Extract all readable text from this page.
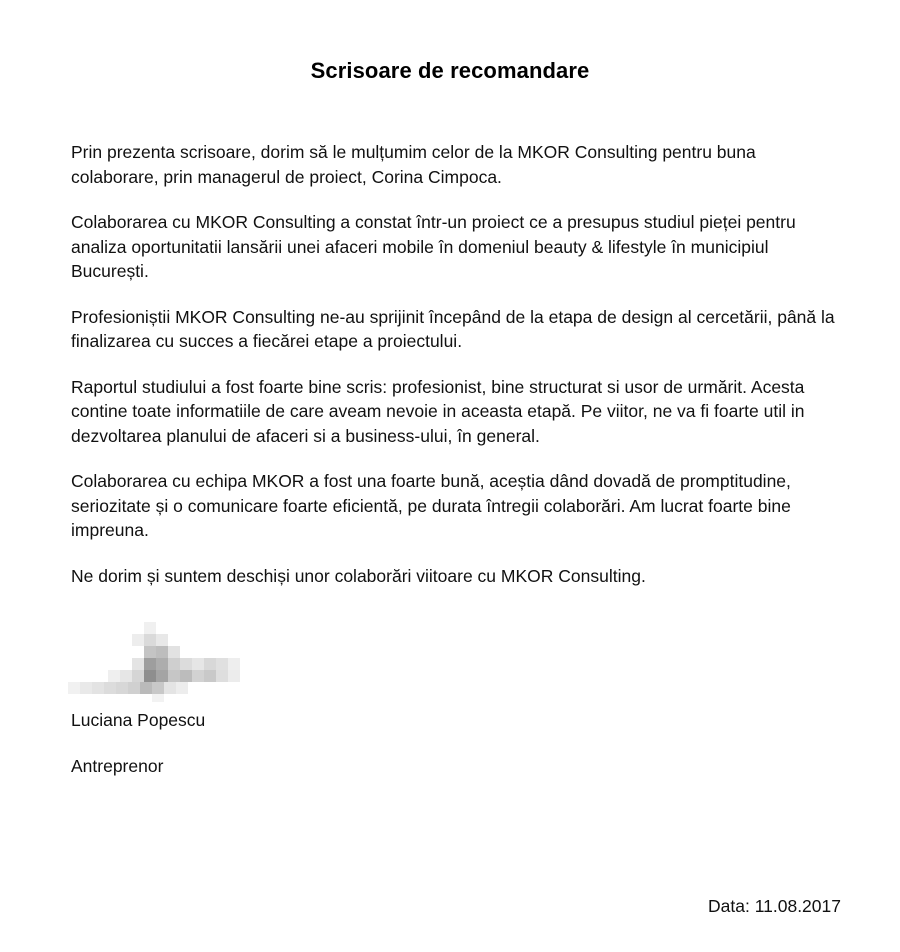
Scrisoare de recomandare

Prin prezenta scrisoare, dorim să le mulțumim celor de la MKOR Consulting pentru buna colaborare, prin managerul de proiect, Corina Cimpoca.

Colaborarea cu MKOR Consulting a constat într-un proiect ce a presupus studiul pieței pentru analiza oportunitatii lansării unei afaceri mobile în domeniul beauty & lifestyle în municipiul București.

Profesioniștii MKOR Consulting ne-au sprijinit începând de la etapa de design al cercetării, până la finalizarea cu succes a fiecărei etape a proiectului.

Raportul studiului a fost foarte bine scris: profesionist, bine structurat si usor de urmărit. Acesta contine toate informatiile de care aveam nevoie in aceasta etapă. Pe viitor, ne va fi foarte util in dezvoltarea planului de afaceri si a business-ului, în general.

Colaborarea cu echipa MKOR a fost una foarte bună, aceștia dând dovadă de promptitudine, seriozitate și o comunicare foarte eficientă, pe durata întregii colaborări. Am lucrat foarte bine impreuna.

Ne dorim și suntem deschiși unor colaborări viitoare cu MKOR Consulting.

Luciana Popescu
Antreprenor
Data: 11.08.2017
